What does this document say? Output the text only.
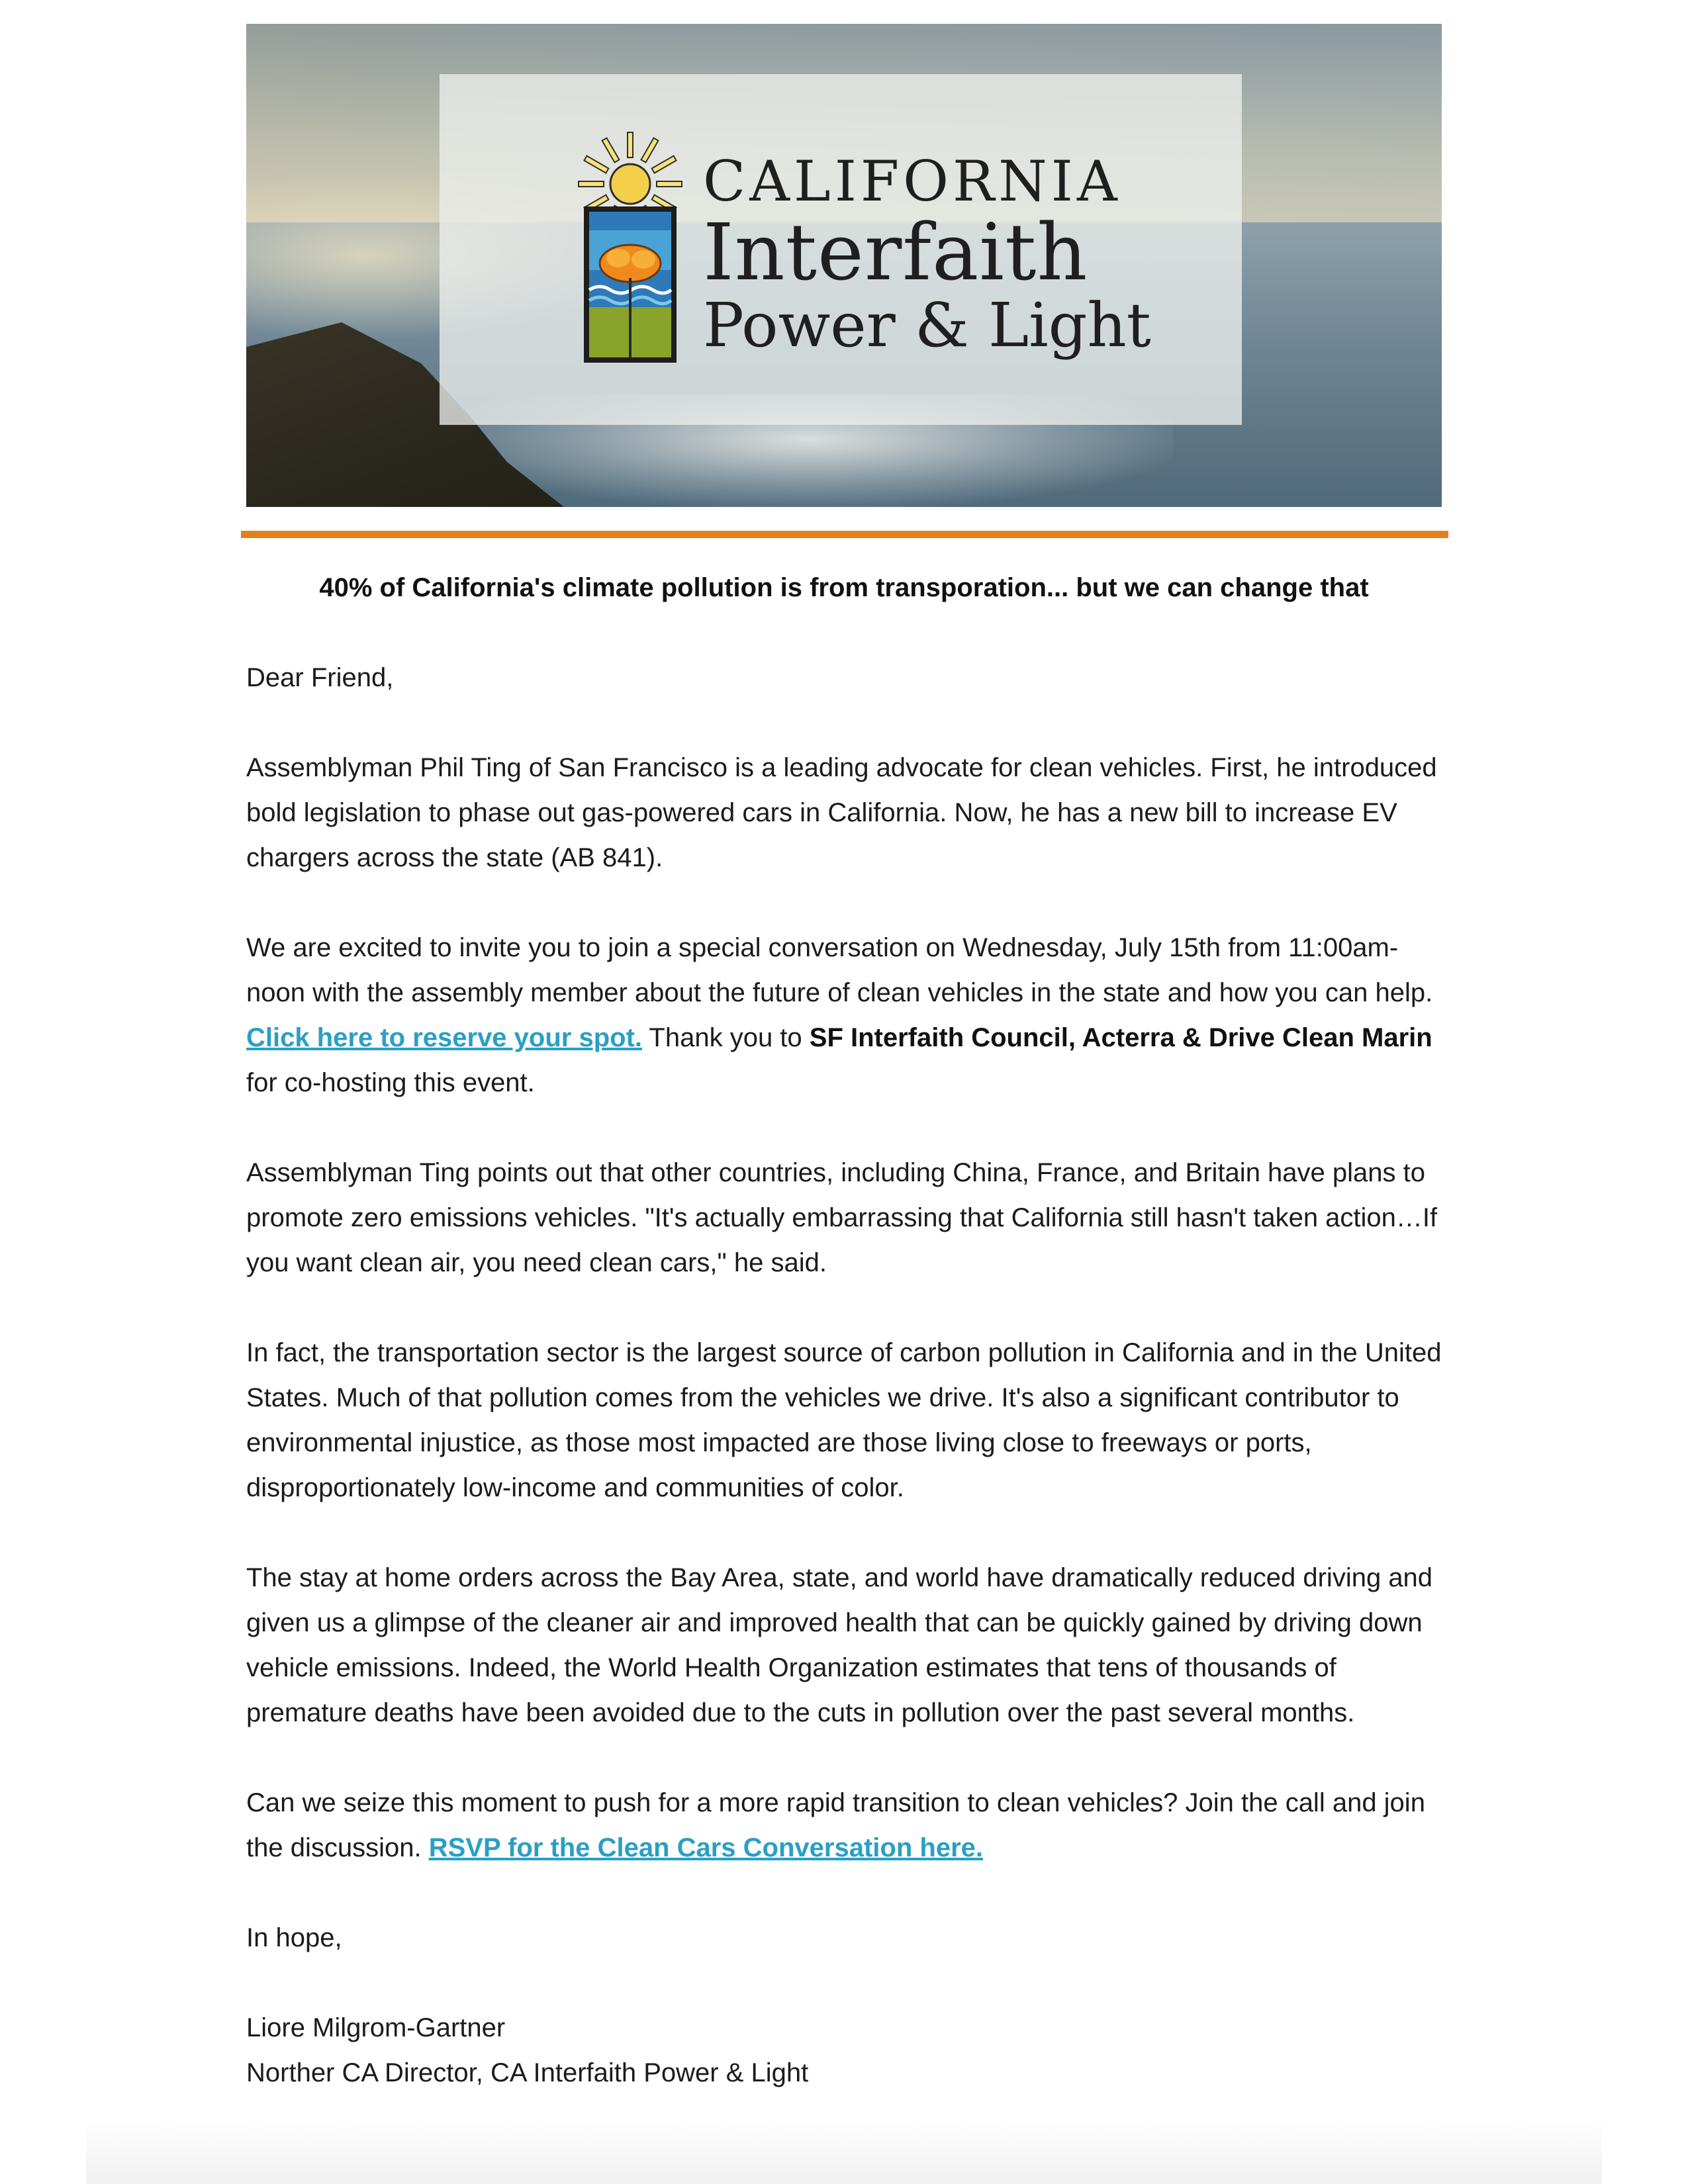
CALIFORNIA
Interfaith
Power & Light
40% of California's climate pollution is from transporation... but we can change that

Dear Friend,

Assemblyman Phil Ting of San Francisco is a leading advocate for clean vehicles. First, he introduced bold legislation to phase out gas-powered cars in California. Now, he has a new bill to increase EV chargers across the state (AB 841).

We are excited to invite you to join a special conversation on Wednesday, July 15th from 11:00am-noon with the assembly member about the future of clean vehicles in the state and how you can help. Click here to reserve your spot. Thank you to SF Interfaith Council, Acterra & Drive Clean Marin for co-hosting this event.

Assemblyman Ting points out that other countries, including China, France, and Britain have plans to promote zero emissions vehicles. "It's actually embarrassing that California still hasn't taken action…If you want clean air, you need clean cars," he said.

In fact, the transportation sector is the largest source of carbon pollution in California and in the United States. Much of that pollution comes from the vehicles we drive. It's also a significant contributor to environmental injustice, as those most impacted are those living close to freeways or ports, disproportionately low-income and communities of color.

The stay at home orders across the Bay Area, state, and world have dramatically reduced driving and given us a glimpse of the cleaner air and improved health that can be quickly gained by driving down vehicle emissions. Indeed, the World Health Organization estimates that tens of thousands of premature deaths have been avoided due to the cuts in pollution over the past several months.

Can we seize this moment to push for a more rapid transition to clean vehicles? Join the call and join the discussion. RSVP for the Clean Cars Conversation here.

In hope,

Liore Milgrom-Gartner

Norther CA Director, CA Interfaith Power & Light
